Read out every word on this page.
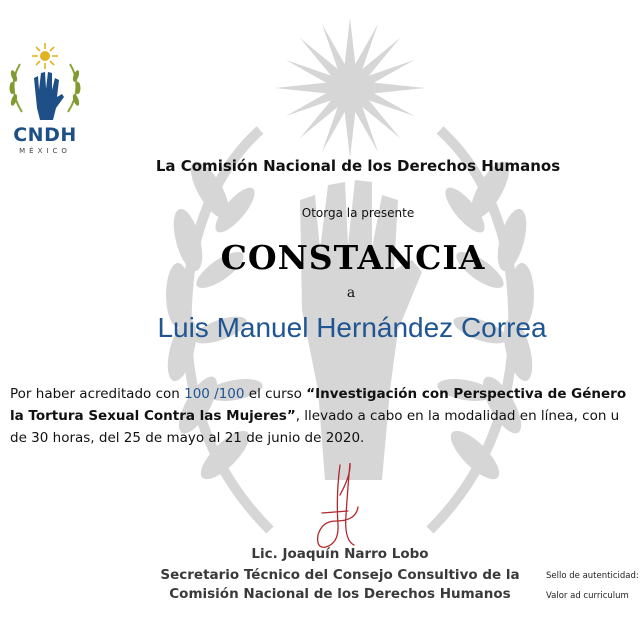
CNDH
MÉXICO
La Comisión Nacional de los Derechos Humanos
Otorga la presente
CONSTANCIA
a
Luis Manuel Hernández Correa
Por haber acreditado con 100 /100 el curso “Investigación con Perspectiva de Género
la Tortura Sexual Contra las Mujeres”, llevado a cabo en la modalidad en línea, con u
de 30 horas, del 25 de mayo al 21 de junio de 2020.
Lic. Joaquín Narro Lobo
Secretario Técnico del Consejo Consultivo de la
Comisión Nacional de los Derechos Humanos
Sello de autenticidad:
Valor ad curriculum
